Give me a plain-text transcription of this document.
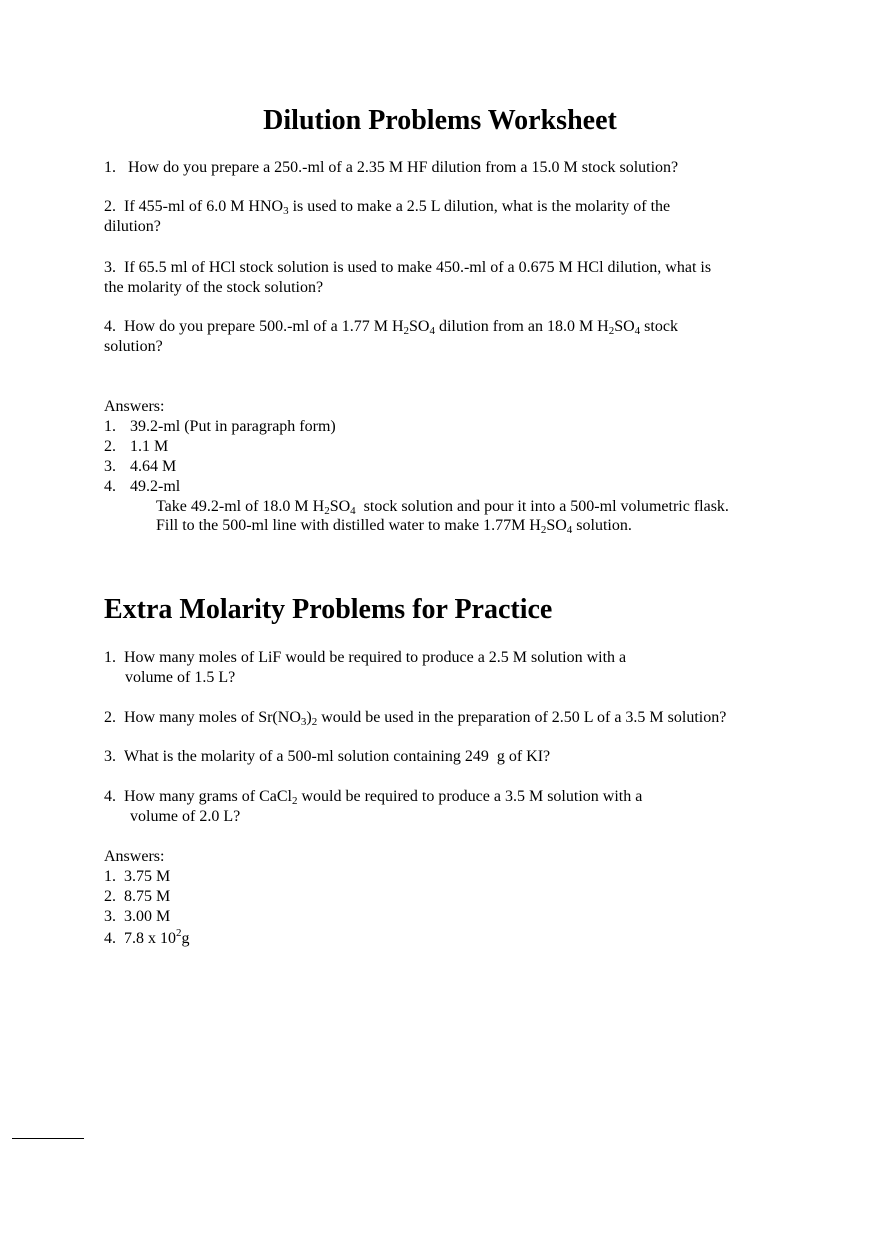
Dilution Problems Worksheet
1. How do you prepare a 250.-ml of a 2.35 M HF dilution from a 15.0 M stock solution?
2. If 455-ml of 6.0 M $HNO_3$ is used to make a 2.5 L dilution, what is the molarity of the
dilution?
3. If 65.5 ml of HCl stock solution is used to make 450.-ml of a 0.675 M HCl dilution, what is
the molarity of the stock solution?
4. How do you prepare 500.-ml of a 1.77 M $H_2SO_4$ dilution from an 18.0 M $H_2SO_4$ stock
solution?
Answers:
1. 39.2-ml (Put in paragraph form)
2. 1.1 M
3. 4.64 M
4. 49.2-ml
Take 49.2-ml of 18.0 M $H_2SO_4$  stock solution and pour it into a 500-ml volumetric flask.
Fill to the 500-ml line with distilled water to make 1.77M $H_2SO_4$ solution.
Extra Molarity Problems for Practice
1. How many moles of LiF would be required to produce a 2.5 M solution with a
volume of 1.5 L?
2. How many moles of $Sr(NO_3)_2$ would be used in the preparation of 2.50 L of a 3.5 M solution?
3. What is the molarity of a 500-ml solution containing 249  g of KI?
4. How many grams of CaCl$_2$ would be required to produce a 3.5 M solution with a
volume of 2.0 L?
Answers:
1. 3.75 M
2. 8.75 M
3. 3.00 M
4. 7.8 x $10^2g$
